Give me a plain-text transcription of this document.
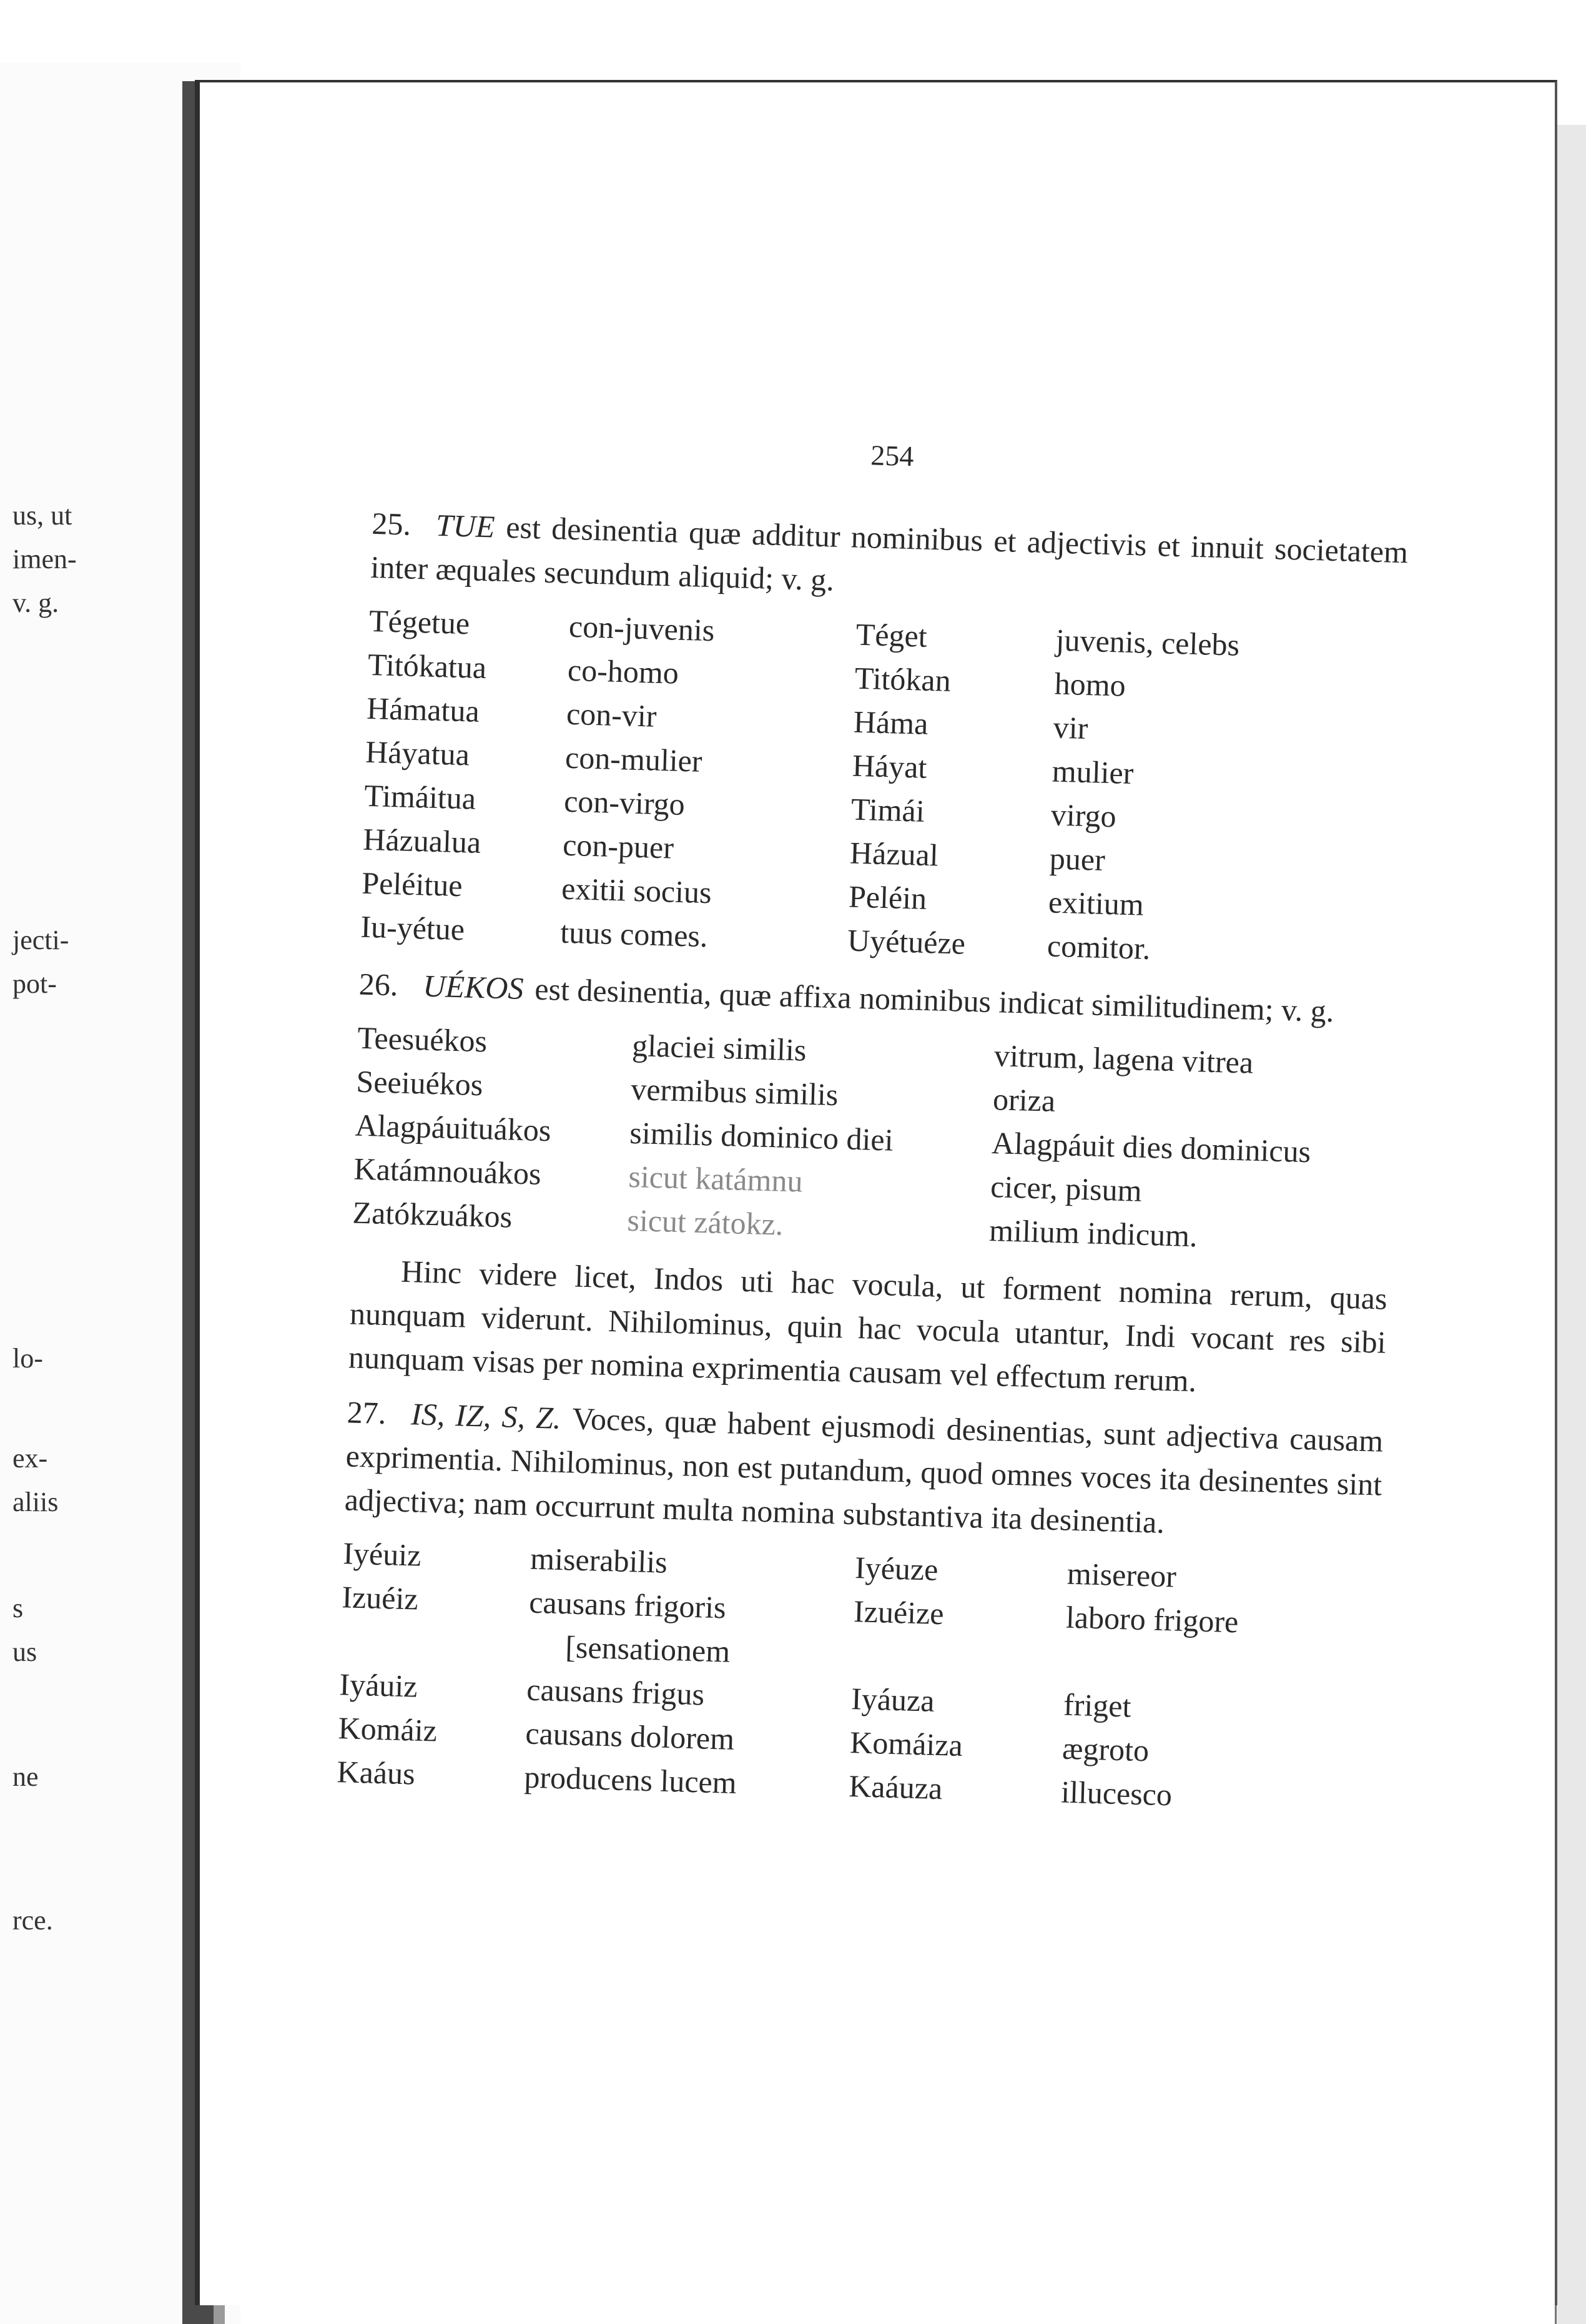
us, ut
imen-
v. g.
jecti-
pot-
lo-
ex-
aliis
s
us
ne
rce.
254

25. TUE est desinentia quæ additur nominibus et adjectivis et innuit societatem inter æquales secundum aliquid; v. g.

Tégetue	con-juvenis	Téget	juvenis, celebs
Titókatua	co-homo	Titókan	homo
Hámatua	con-vir	Háma	vir
Háyatua	con-mulier	Háyat	mulier
Timáitua	con-virgo	Timái	virgo
Házualua	con-puer	Házual	puer
Peléitue	exitii socius	Peléin	exitium
Iu-yétue	tuus comes.	Uyétuéze	comitor.

26. UÉKOS est desinentia, quæ affixa nominibus indicat similitudinem; v. g.

Teesuékos	glaciei similis	vitrum, lagena vitrea
Seeiuékos	vermibus similis	oriza
Alagpáuituákos	similis dominico diei	Alagpáuit dies dominicus
Katámnouákos	sicut katámnu	cicer, pisum
Zatókzuákos	sicut zátokz.	milium indicum.

Hinc videre licet, Indos uti hac vocula, ut forment nomina rerum, quas nunquam viderunt. Nihilominus, quin hac vocula utantur, Indi vocant res sibi nunquam visas per nomina exprimentia causam vel effectum rerum.

27. IS, IZ, S, Z. Voces, quæ habent ejusmodi desinentias, sunt adjectiva causam exprimentia. Nihilominus, non est putandum, quod omnes voces ita desinentes sint adjectiva; nam occurrunt multa nomina substantiva ita desinentia.

Iyéuiz	miserabilis	Iyéuze	misereor
Izuéiz	causans frigoris	Izuéize	laboro frigore
	[sensationem		
Iyáuiz	causans frigus	Iyáuza	friget
Komáiz	causans dolorem	Komáiza	ægroto
Kaáus	producens lucem	Kaáuza	illucesco
